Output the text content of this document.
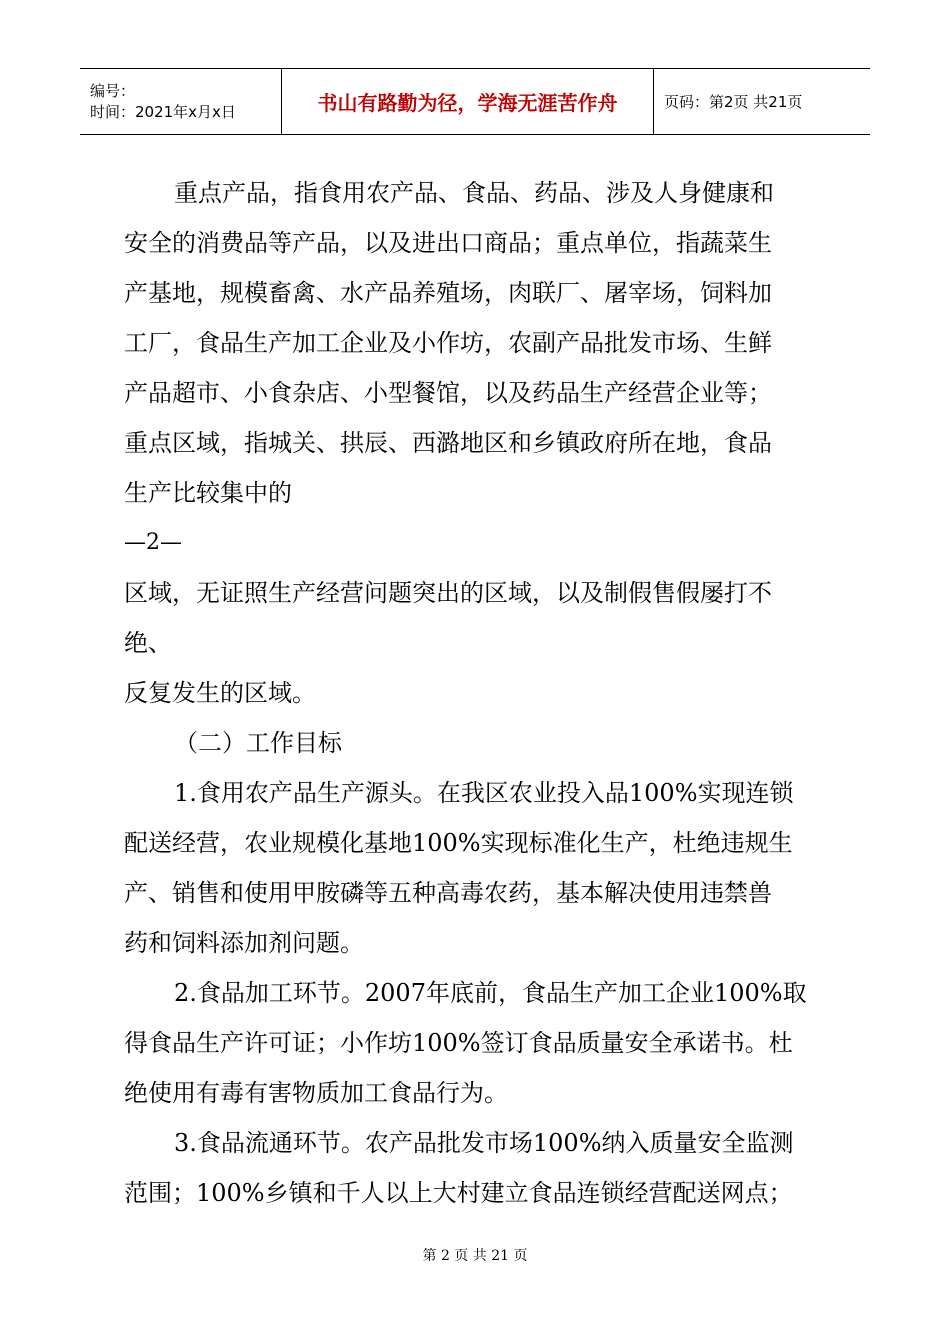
编号：
时间：2021年x月x日	书山有路勤为径，学海无涯苦作舟	页码：第2页 共21页

重点产品，指食用农产品、食品、药品、涉及人身健康和

安全的消费品等产品，以及进出口商品；重点单位，指蔬菜生

产基地，规模畜禽、水产品养殖场，肉联厂、屠宰场，饲料加

工厂，食品生产加工企业及小作坊，农副产品批发市场、生鲜

产品超市、小食杂店、小型餐馆，以及药品生产经营企业等；

重点区域，指城关、拱辰、西潞地区和乡镇政府所在地，食品

生产比较集中的

—2—

区域，无证照生产经营问题突出的区域，以及制假售假屡打不

绝、

反复发生的区域。

（二）工作目标

1.食用农产品生产源头。在我区农业投入品100%实现连锁

配送经营，农业规模化基地100%实现标准化生产，杜绝违规生

产、销售和使用甲胺磷等五种高毒农药，基本解决使用违禁兽

药和饲料添加剂问题。

2.食品加工环节。2007年底前，食品生产加工企业100%取

得食品生产许可证；小作坊100%签订食品质量安全承诺书。杜

绝使用有毒有害物质加工食品行为。

3.食品流通环节。农产品批发市场100%纳入质量安全监测

范围；100%乡镇和千人以上大村建立食品连锁经营配送网点；

第 2 页 共 21 页
